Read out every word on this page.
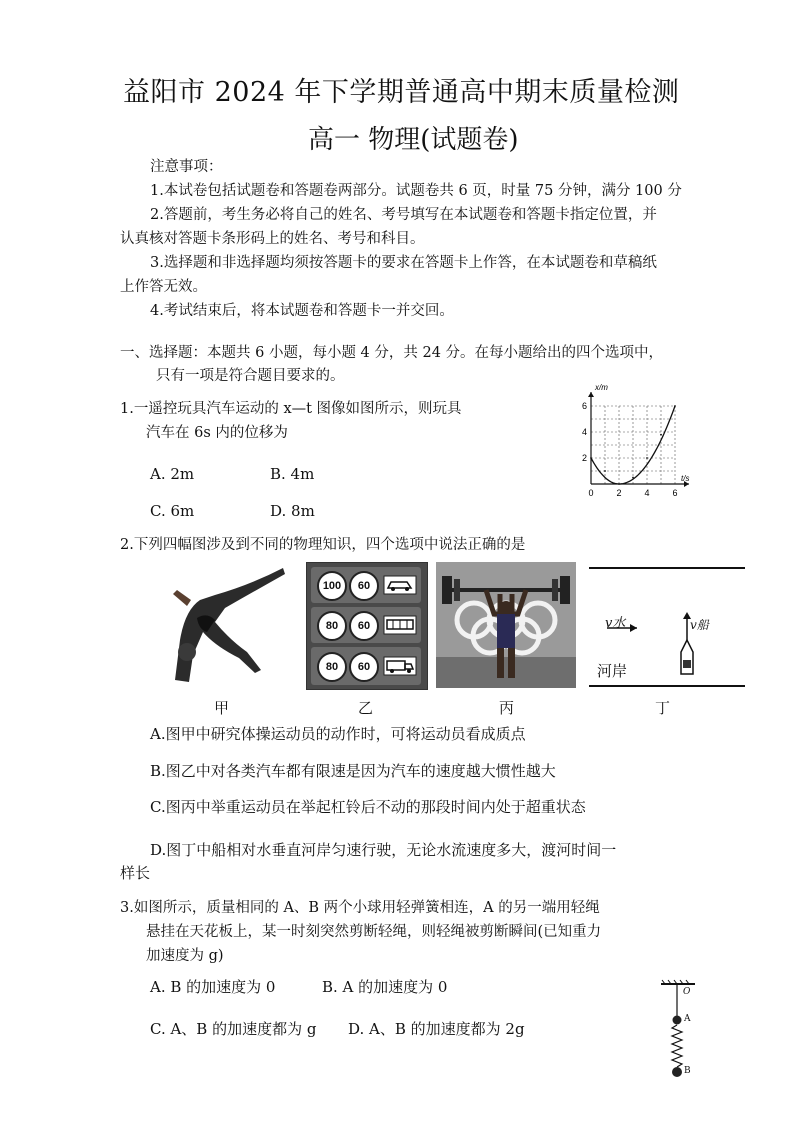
益阳市 2024 年下学期普通高中期末质量检测
高一 物理(试题卷)
注意事项：
1.本试卷包括试题卷和答题卷两部分。试题卷共 6 页，时量 75 分钟，满分 100 分
2.答题前，考生务必将自己的姓名、考号填写在本试题卷和答题卡指定位置，并
认真核对答题卡条形码上的姓名、考号和科目。
3.选择题和非选择题均须按答题卡的要求在答题卡上作答，在本试题卷和草稿纸
上作答无效。
4.考试结束后，将本试题卷和答题卡一并交回。
一、选择题：本题共 6 小题，每小题 4 分，共 24 分。在每小题给出的四个选项中，
只有一项是符合题目要求的。
1.一遥控玩具汽车运动的 x—t 图像如图所示，则玩具
汽车在 6s 内的位移为
A. 2m	B. 4m
C. 6m	D. 8m
0	2	4	6
2
4
6
x/m
t/s
2.下列四幅图涉及到不同的物理知识，四个选项中说法正确的是
甲
100	60
80	60
80	60
乙	丙
v水	v船
河岸
丁
A.图甲中研究体操运动员的动作时，可将运动员看成质点
B.图乙中对各类汽车都有限速是因为汽车的速度越大惯性越大
C.图丙中举重运动员在举起杠铃后不动的那段时间内处于超重状态
D.图丁中船相对水垂直河岸匀速行驶，无论水流速度多大，渡河时间一
样长
3.如图所示，质量相同的 A、B 两个小球用轻弹簧相连，A 的另一端用轻绳
悬挂在天花板上，某一时刻突然剪断轻绳，则轻绳被剪断瞬间(已知重力
加速度为 g)
A. B 的加速度为 0	B. A 的加速度为 0
C. A、B 的加速度都为 g D. A、B 的加速度都为 2g
O
A
B
